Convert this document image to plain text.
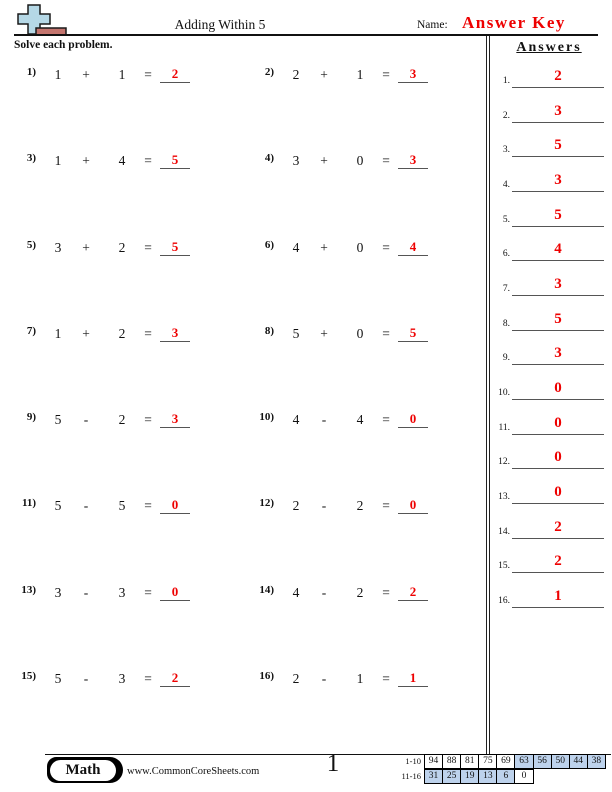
Adding Within 5	Name: Answer Key
Solve each problem.
1)	1	+	1	=	2	2)	2	+	1	=	3
3)	1	+	4	=	5	4)	3	+	0	=	3
5)	3	+	2	=	5	6)	4	+	0	=	4
7)	1	+	2	=	3	8)	5	+	0	=	5
9)	5	-	2	=	3	10)	4	-	4	=	0
11)	5	-	5	=	0	12)	2	-	2	=	0
13)	3	-	3	=	0	14)	4	-	2	=	2
15)	5	-	3	=	2	16)	2	-	1	=	1
Answers
1.	2
2.	3
3.	5
4.	3
5.	5
6.	4
7.	3
8.	5
9.	3
10.	0
11.	0
12.	0
13.	0
14.	2
15.	2
16.	1
Math	www.CommonCoreSheets.com	1	1-10 94 88 81 75 69 63 56 50 44 38
11-16 31 25 19 13	6	0
